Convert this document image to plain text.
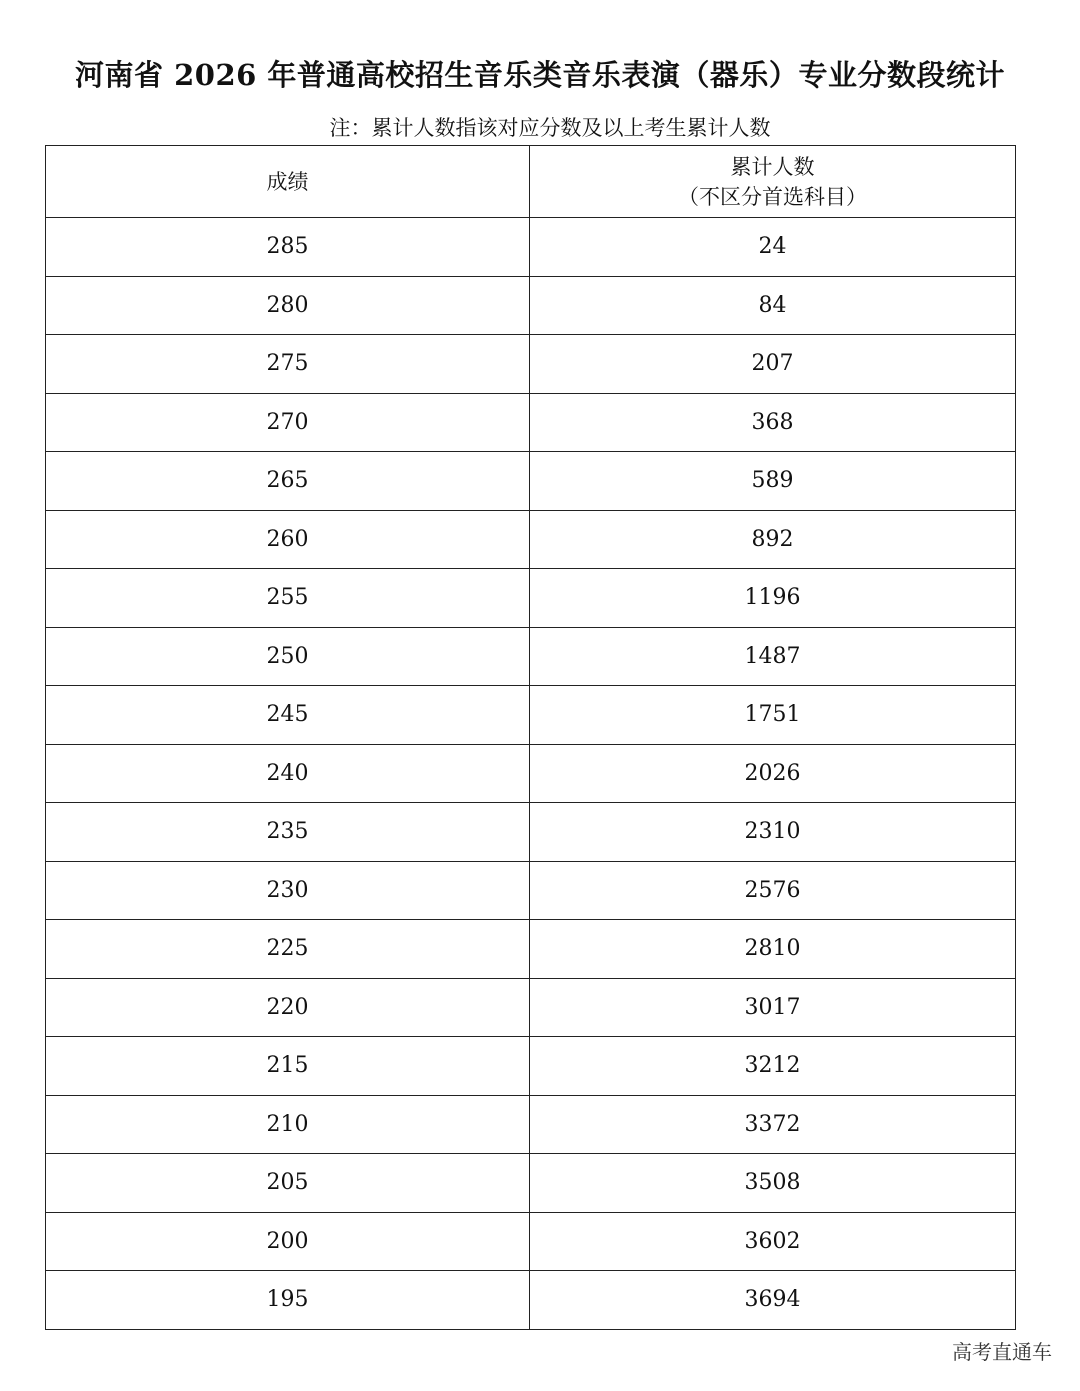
河南省 2026 年普通高校招生音乐类音乐表演（器乐）专业分数段统计
注：累计人数指该对应分数及以上考生累计人数
成绩	累计人数
（不区分首选科目）

285	24
280	84
275	207
270	368
265	589
260	892
255	1196
250	1487
245	1751
240	2026
235	2310
230	2576
225	2810
220	3017
215	3212
210	3372
205	3508
200	3602
195	3694
高考直通车
